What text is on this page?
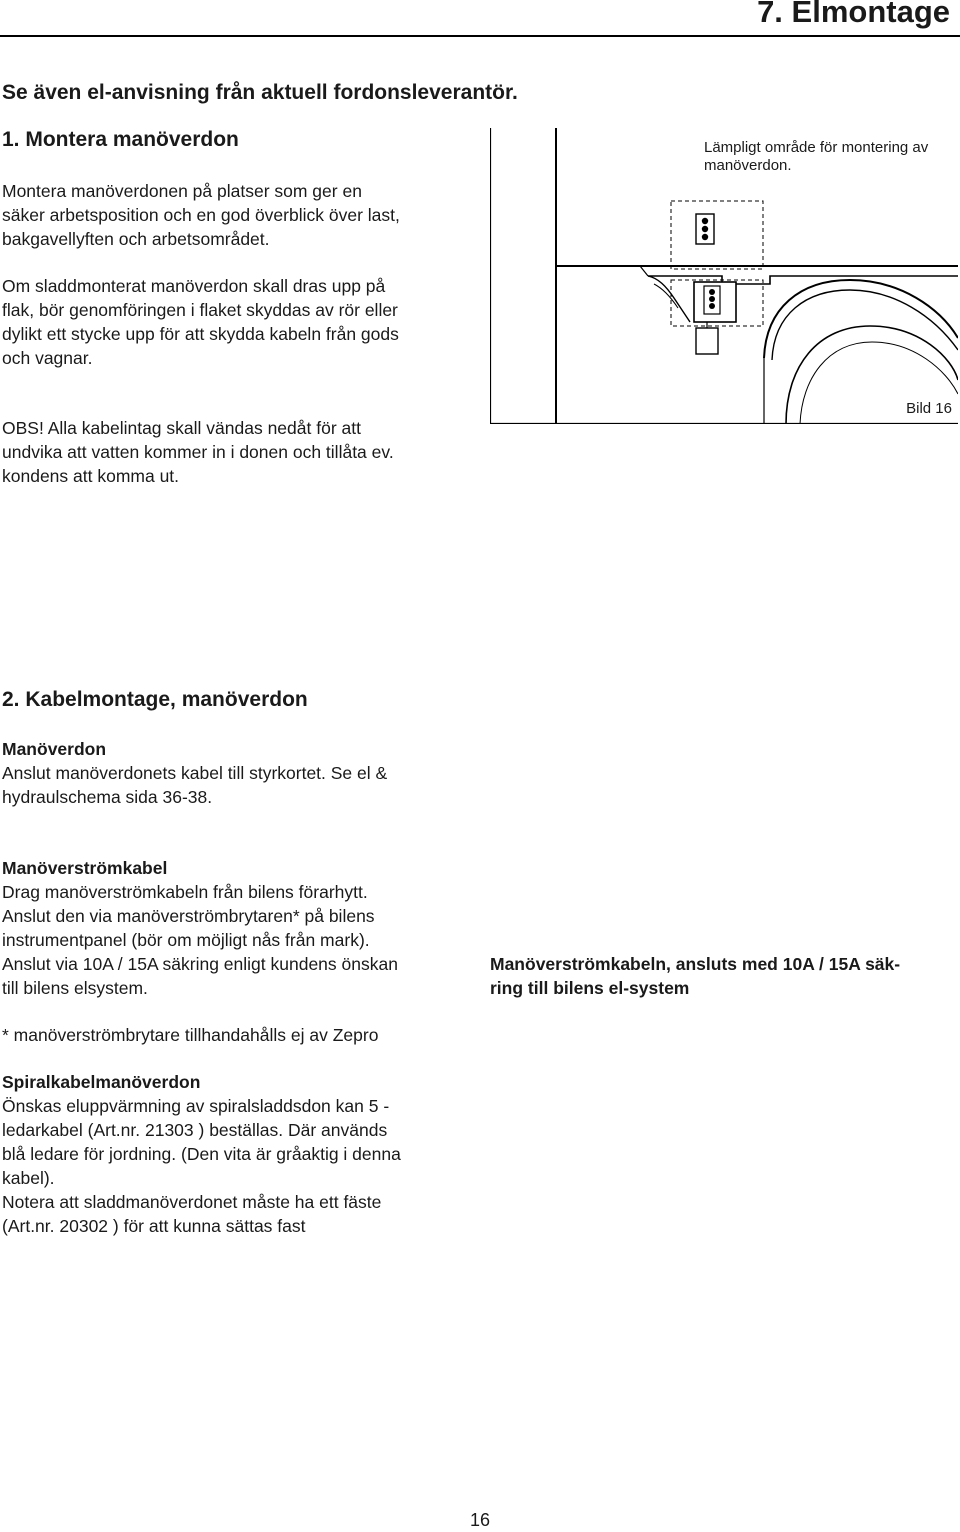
7. Elmontage

Se även el-anvisning från aktuell fordonsleverantör.

1. Montera manöverdon

Montera manöverdonen på platser som ger en
säker arbetsposition och en god överblick över last,
bakgavellyften och arbetsområdet.

Om sladdmonterat manöverdon skall dras upp på
flak, bör genomföringen i flaket skyddas av rör eller
dylikt ett stycke upp för att skydda kabeln från gods
och vagnar.

OBS! Alla kabelintag skall vändas nedåt för att
undvika att vatten kommer in i donen och tillåta ev.
kondens att komma ut.

Lämpligt område för montering av
manöverdon.

Bild 16
2. Kabelmontage, manöverdon

Manöverdon

Anslut manöverdonets kabel till styrkortet. Se el &
hydraulschema sida 36-38.

Manöverströmkabel

Drag manöverströmkabeln från bilens förarhytt.
Anslut den via manöverströmbrytaren* på bilens
instrumentpanel (bör om möjligt nås från mark).
Anslut via 10A / 15A säkring enligt kundens önskan
till bilens elsystem.

Manöverströmkabeln, ansluts med 10A / 15A säk-
ring till bilens el-system

* manöverströmbrytare tillhandahålls ej av Zepro

Spiralkabelmanöverdon

Önskas eluppvärmning av spiralsladdsdon kan 5 -
ledarkabel (Art.nr. 21303 ) beställas. Där används
blå ledare för jordning. (Den vita är gråaktig i denna
kabel).
Notera att sladdmanöverdonet måste ha ett fäste
(Art.nr. 20302 ) för att kunna sättas fast

16
